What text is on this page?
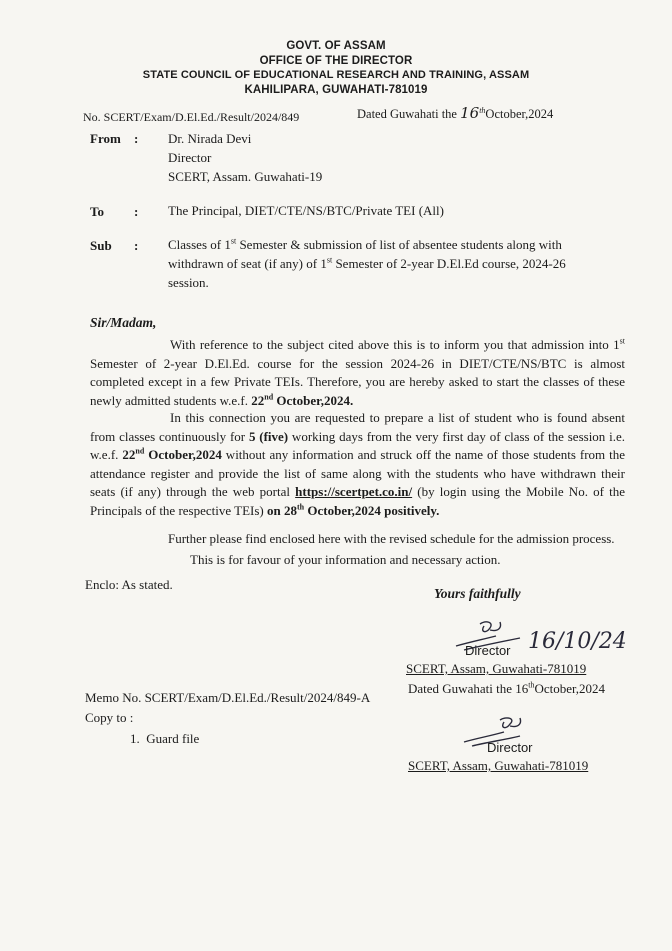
GOVT. OF ASSAM
OFFICE OF THE DIRECTOR
STATE COUNCIL OF EDUCATIONAL RESEARCH AND TRAINING, ASSAM
KAHILIPARA, GUWAHATI-781019
No. SCERT/Exam/D.El.Ed./Result/2024/849	Dated Guwahati the 16thOctober,2024
From : Dr. Nirada Devi
Director
SCERT, Assam. Guwahati-19
To : The Principal, DIET/CTE/NS/BTC/Private TEI (All)
Sub : Classes of 1st Semester & submission of list of absentee students along with
withdrawn of seat (if any) of 1st Semester of 2-year D.El.Ed course, 2024-26
session.
Sir/Madam,
With reference to the subject cited above this is to inform you that admission into 1st Semester of 2-year D.El.Ed. course for the session 2024-26 in DIET/CTE/NS/BTC is almost completed except in a few Private TEIs. Therefore, you are hereby asked to start the classes of these newly admitted students w.e.f. 22nd October,2024.
In this connection you are requested to prepare a list of student who is found absent from classes continuously for 5 (five) working days from the very first day of class of the session i.e. w.e.f. 22nd October,2024 without any information and struck off the name of those students from the attendance register and provide the list of same along with the students who have withdrawn their seats (if any) through the web portal https://scertpet.co.in/ (by login using the Mobile No. of the Principals of the respective TEIs) on 28th October,2024 positively.
Further please find enclosed here with the revised schedule for the admission process.
This is for favour of your information and necessary action.
Enclo: As stated.
Yours faithfully
16/10/24
Director
SCERT, Assam, Guwahati-781019
Dated Guwahati the 16thOctober,2024
Memo No. SCERT/Exam/D.El.Ed./Result/2024/849-A
Copy to :
1.  Guard file
Director
SCERT, Assam, Guwahati-781019
